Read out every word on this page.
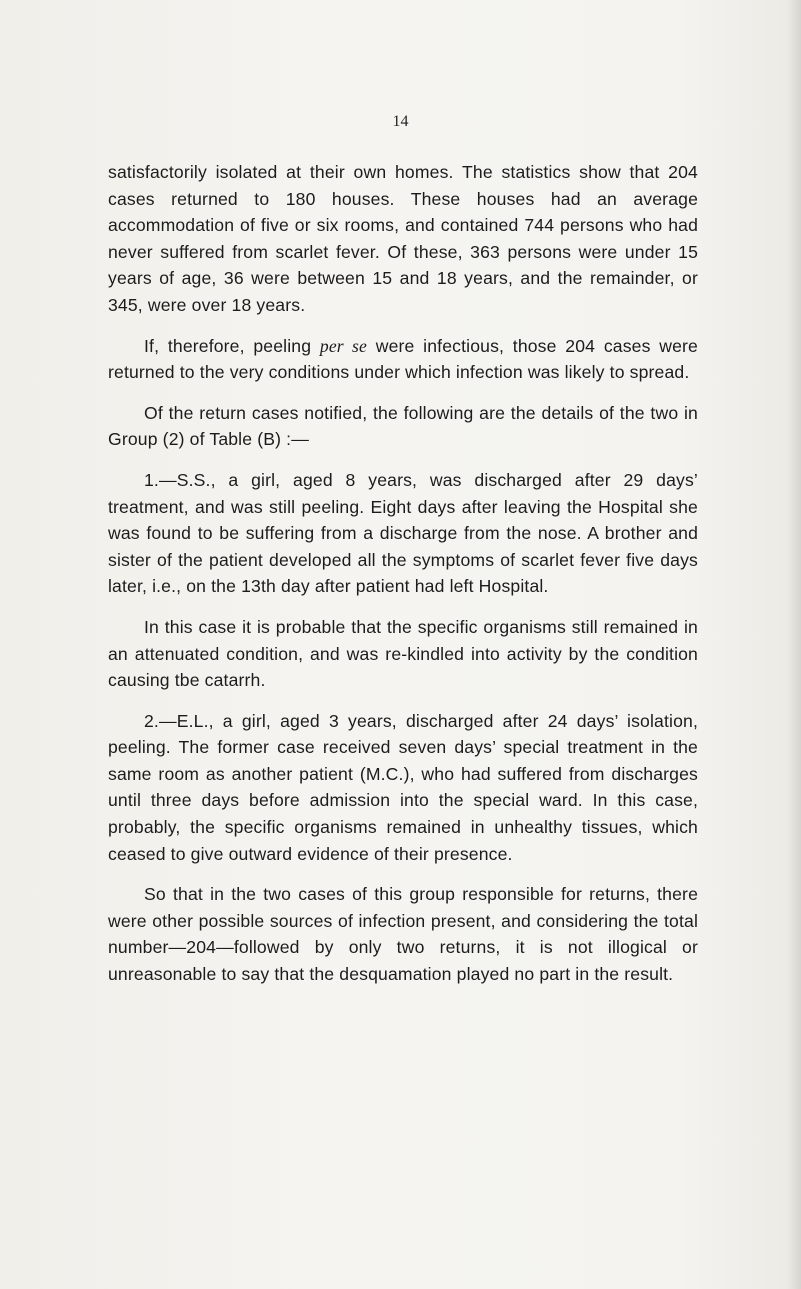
14

satisfactorily isolated at their own homes. The statistics show that 204 cases returned to 180 houses. These houses had an average accommodation of five or six rooms, and contained 744 persons who had never suffered from scarlet fever. Of these, 363 persons were under 15 years of age, 36 were between 15 and 18 years, and the remainder, or 345, were over 18 years.

If, therefore, peeling per se were infectious, those 204 cases were returned to the very conditions under which infection was likely to spread.

Of the return cases notified, the following are the details of the two in Group (2) of Table (B) :—

1.—S.S., a girl, aged 8 years, was discharged after 29 days’ treatment, and was still peeling. Eight days after leaving the Hospital she was found to be suffering from a discharge from the nose. A brother and sister of the patient developed all the symptoms of scarlet fever five days later, i.e., on the 13th day after patient had left Hospital.

In this case it is probable that the specific organisms still remained in an attenuated condition, and was re-kindled into activity by the condition causing tbe catarrh.

2.—E.L., a girl, aged 3 years, discharged after 24 days’ isolation, peeling. The former case received seven days’ special treatment in the same room as another patient (M.C.), who had suffered from discharges until three days before admission into the special ward. In this case, probably, the specific organisms remained in unhealthy tissues, which ceased to give outward evidence of their presence.

So that in the two cases of this group responsible for returns, there were other possible sources of infection present, and considering the total number—204—followed by only two returns, it is not illogical or unreasonable to say that the desquamation played no part in the result.
